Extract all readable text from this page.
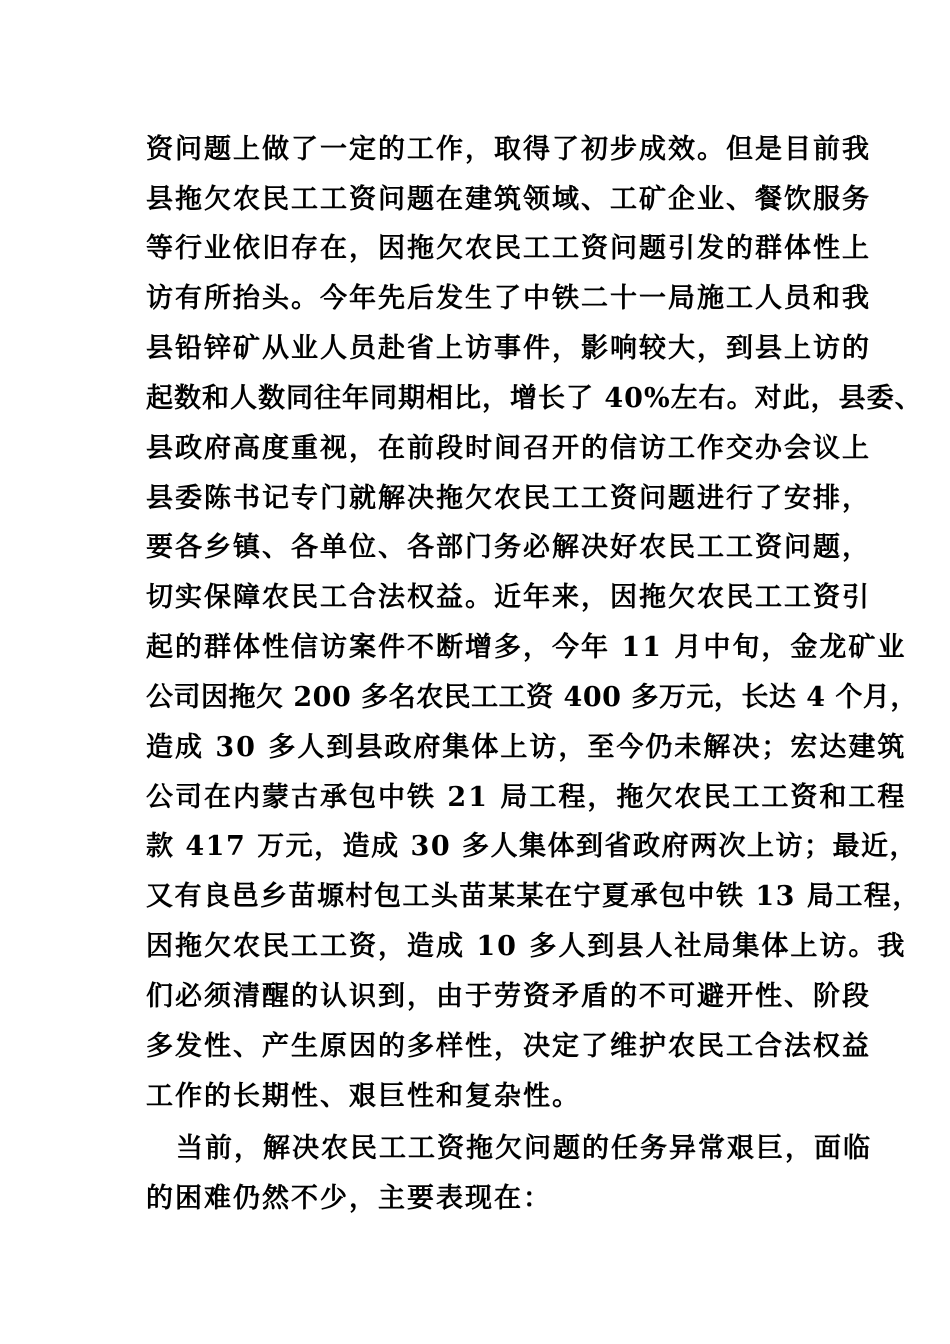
资问题上做了一定的工作，取得了初步成效。但是目前我
县拖欠农民工工资问题在建筑领域、工矿企业、餐饮服务
等行业依旧存在，因拖欠农民工工资问题引发的群体性上
访有所抬头。今年先后发生了中铁二十一局施工人员和我
县铅锌矿从业人员赴省上访事件，影响较大，到县上访的
起数和人数同往年同期相比，增长了 40%左右。对此，县委、
县政府高度重视，在前段时间召开的信访工作交办会议上
县委陈书记专门就解决拖欠农民工工资问题进行了安排，
要各乡镇、各单位、各部门务必解决好农民工工资问题，
切实保障农民工合法权益。近年来，因拖欠农民工工资引
起的群体性信访案件不断增多，今年 11 月中旬，金龙矿业
公司因拖欠 200 多名农民工工资 400 多万元，长达 4 个月，
造成 30 多人到县政府集体上访，至今仍未解决；宏达建筑
公司在内蒙古承包中铁 21 局工程，拖欠农民工工资和工程
款 417 万元，造成 30 多人集体到省政府两次上访；最近，
又有良邑乡苗塬村包工头苗某某在宁夏承包中铁 13 局工程，
因拖欠农民工工资，造成 10 多人到县人社局集体上访。我
们必须清醒的认识到，由于劳资矛盾的不可避开性、阶段
多发性、产生原因的多样性，决定了维护农民工合法权益
工作的长期性、艰巨性和复杂性。
当前，解决农民工工资拖欠问题的任务异常艰巨，面临
的困难仍然不少，主要表现在：
